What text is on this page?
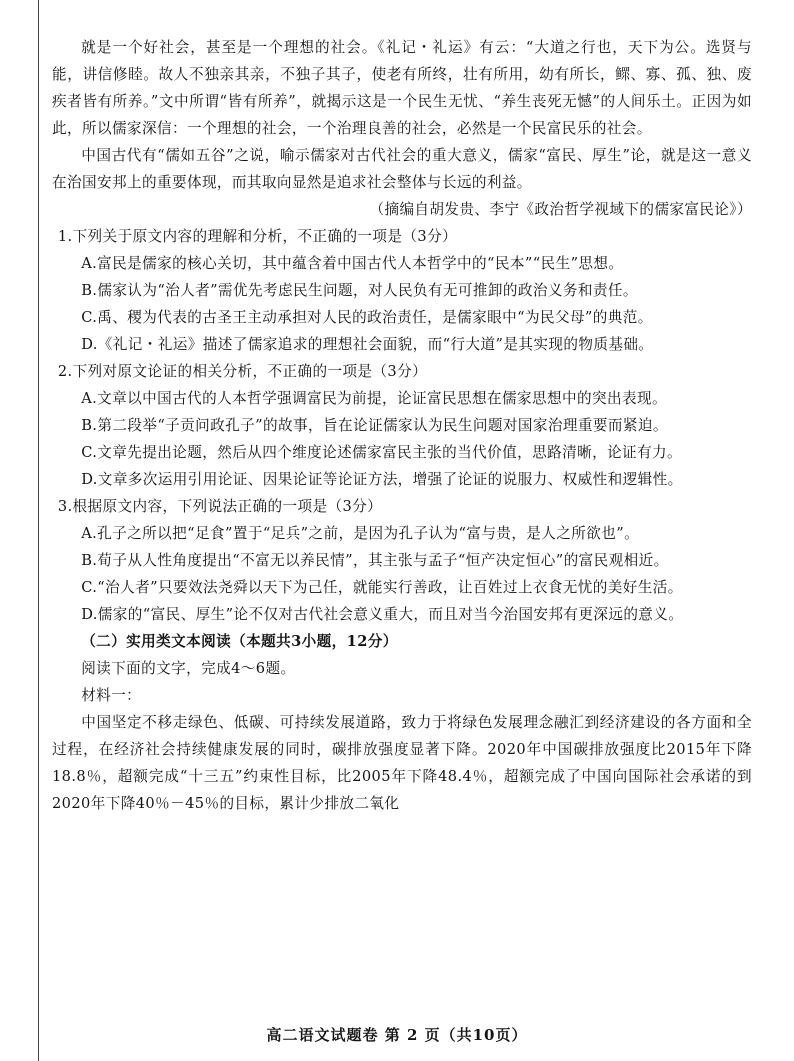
就是一个好社会，甚至是一个理想的社会。《礼记・礼运》有云：“大道之行也，天下为公。选贤与能，讲信修睦。故人不独亲其亲，不独子其子，使老有所终，壮有所用，幼有所长，鳏、寡、孤、独、废疾者皆有所养。”文中所谓“皆有所养”，就揭示这是一个民生无忧、“养生丧死无憾”的人间乐土。正因为如此，所以儒家深信：一个理想的社会，一个治理良善的社会，必然是一个民富民乐的社会。

中国古代有“儒如五谷”之说，喻示儒家对古代社会的重大意义，儒家“富民、厚生”论，就是这一意义在治国安邦上的重要体现，而其取向显然是追求社会整体与长远的利益。

（摘编自胡发贵、李宁《政治哲学视域下的儒家富民论》）

1.下列关于原文内容的理解和分析，不正确的一项是（3分）

A.富民是儒家的核心关切，其中蕴含着中国古代人本哲学中的“民本”“民生”思想。

B.儒家认为“治人者”需优先考虑民生问题，对人民负有无可推卸的政治义务和责任。

C.禹、稷为代表的古圣王主动承担对人民的政治责任，是儒家眼中“为民父母”的典范。

D.《礼记・礼运》描述了儒家追求的理想社会面貌，而“行大道”是其实现的物质基础。

2.下列对原文论证的相关分析，不正确的一项是（3分）

A.文章以中国古代的人本哲学强调富民为前提，论证富民思想在儒家思想中的突出表现。

B.第二段举“子贡问政孔子”的故事，旨在论证儒家认为民生问题对国家治理重要而紧迫。

C.文章先提出论题，然后从四个维度论述儒家富民主张的当代价值，思路清晰，论证有力。

D.文章多次运用引用论证、因果论证等论证方法，增强了论证的说服力、权威性和逻辑性。

3.根据原文内容，下列说法正确的一项是（3分）

A.孔子之所以把“足食”置于“足兵”之前，是因为孔子认为“富与贵，是人之所欲也”。

B.荀子从人性角度提出“不富无以养民情”，其主张与孟子“恒产决定恒心”的富民观相近。

C.“治人者”只要效法尧舜以天下为己任，就能实行善政，让百姓过上衣食无忧的美好生活。

D.儒家的“富民、厚生”论不仅对古代社会意义重大，而且对当今治国安邦有更深远的意义。

（二）实用类文本阅读（本题共3小题，12分）

阅读下面的文字，完成4～6题。

材料一：

中国坚定不移走绿色、低碳、可持续发展道路，致力于将绿色发展理念融汇到经济建设的各方面和全过程，在经济社会持续健康发展的同时，碳排放强度显著下降。2020年中国碳排放强度比2015年下降18.8％，超额完成“十三五”约束性目标，比2005年下降48.4％，超额完成了中国向国际社会承诺的到2020年下降40％－45％的目标，累计少排放二氧化

高二语文试题卷 第 2 页（共10页）
